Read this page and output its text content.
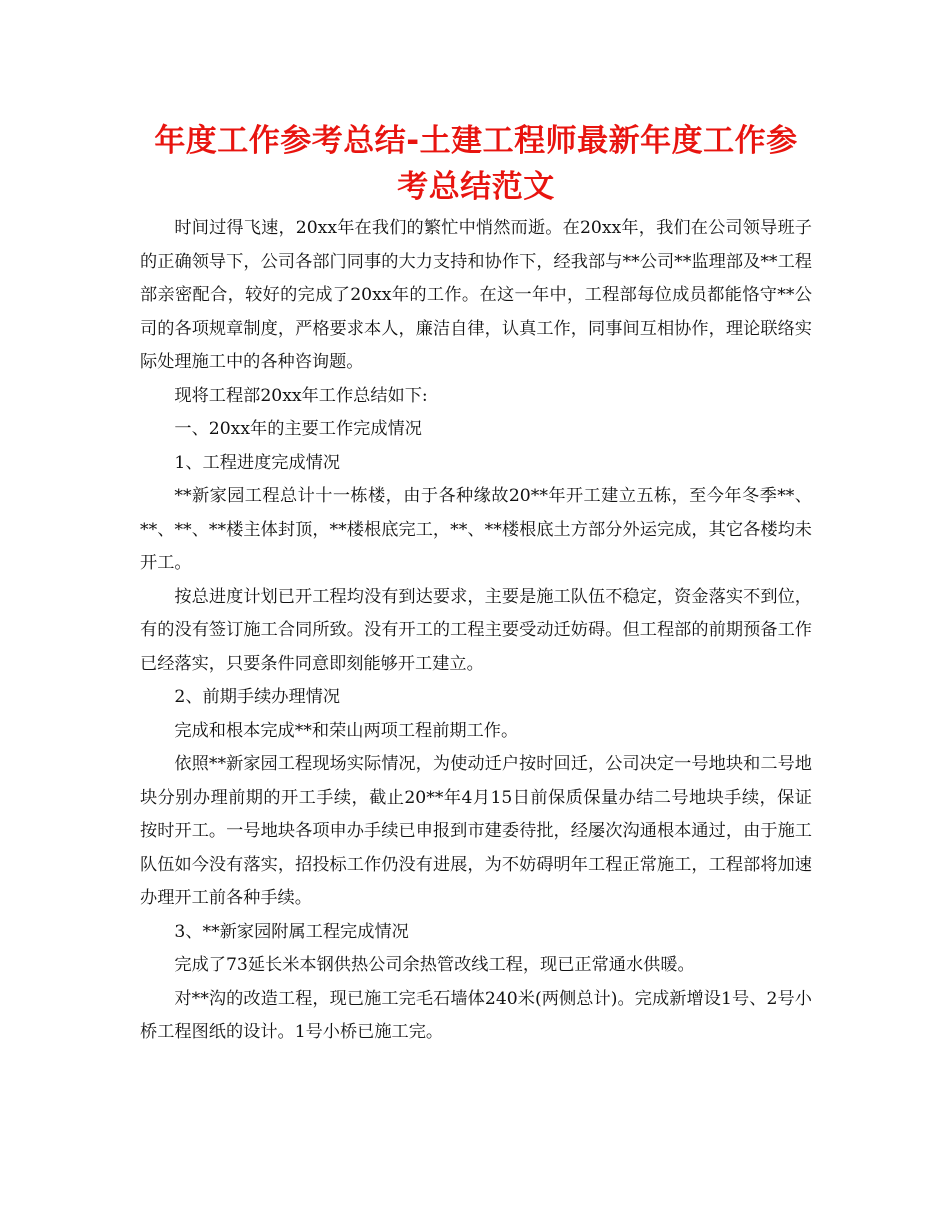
年度工作参考总结-土建工程师最新年度工作参考总结范文

时间过得飞速，20xx年在我们的繁忙中悄然而逝。在20xx年，我们在公司领导班子的正确领导下，公司各部门同事的大力支持和协作下，经我部与**公司**监理部及**工程部亲密配合，较好的完成了20xx年的工作。在这一年中，工程部每位成员都能恪守**公司的各项规章制度，严格要求本人，廉洁自律，认真工作，同事间互相协作，理论联络实际处理施工中的各种咨询题。

现将工程部20xx年工作总结如下:

一、20xx年的主要工作完成情况

1、工程进度完成情况

**新家园工程总计十一栋楼，由于各种缘故20**年开工建立五栋，至今年冬季**、**、**、**楼主体封顶，**楼根底完工，**、**楼根底土方部分外运完成，其它各楼均未开工。

按总进度计划已开工程均没有到达要求，主要是施工队伍不稳定，资金落实不到位，有的没有签订施工合同所致。没有开工的工程主要受动迁妨碍。但工程部的前期预备工作已经落实，只要条件同意即刻能够开工建立。

2、前期手续办理情况

完成和根本完成**和荣山两项工程前期工作。

依照**新家园工程现场实际情况，为使动迁户按时回迁，公司决定一号地块和二号地块分别办理前期的开工手续，截止20**年4月15日前保质保量办结二号地块手续，保证按时开工。一号地块各项申办手续已申报到市建委待批，经屡次沟通根本通过，由于施工队伍如今没有落实，招投标工作仍没有进展，为不妨碍明年工程正常施工，工程部将加速办理开工前各种手续。

3、**新家园附属工程完成情况

完成了73延长米本钢供热公司余热管改线工程，现已正常通水供暖。

对**沟的改造工程，现已施工完毛石墙体240米(两侧总计)。完成新增设1号、2号小桥工程图纸的设计。1号小桥已施工完。
